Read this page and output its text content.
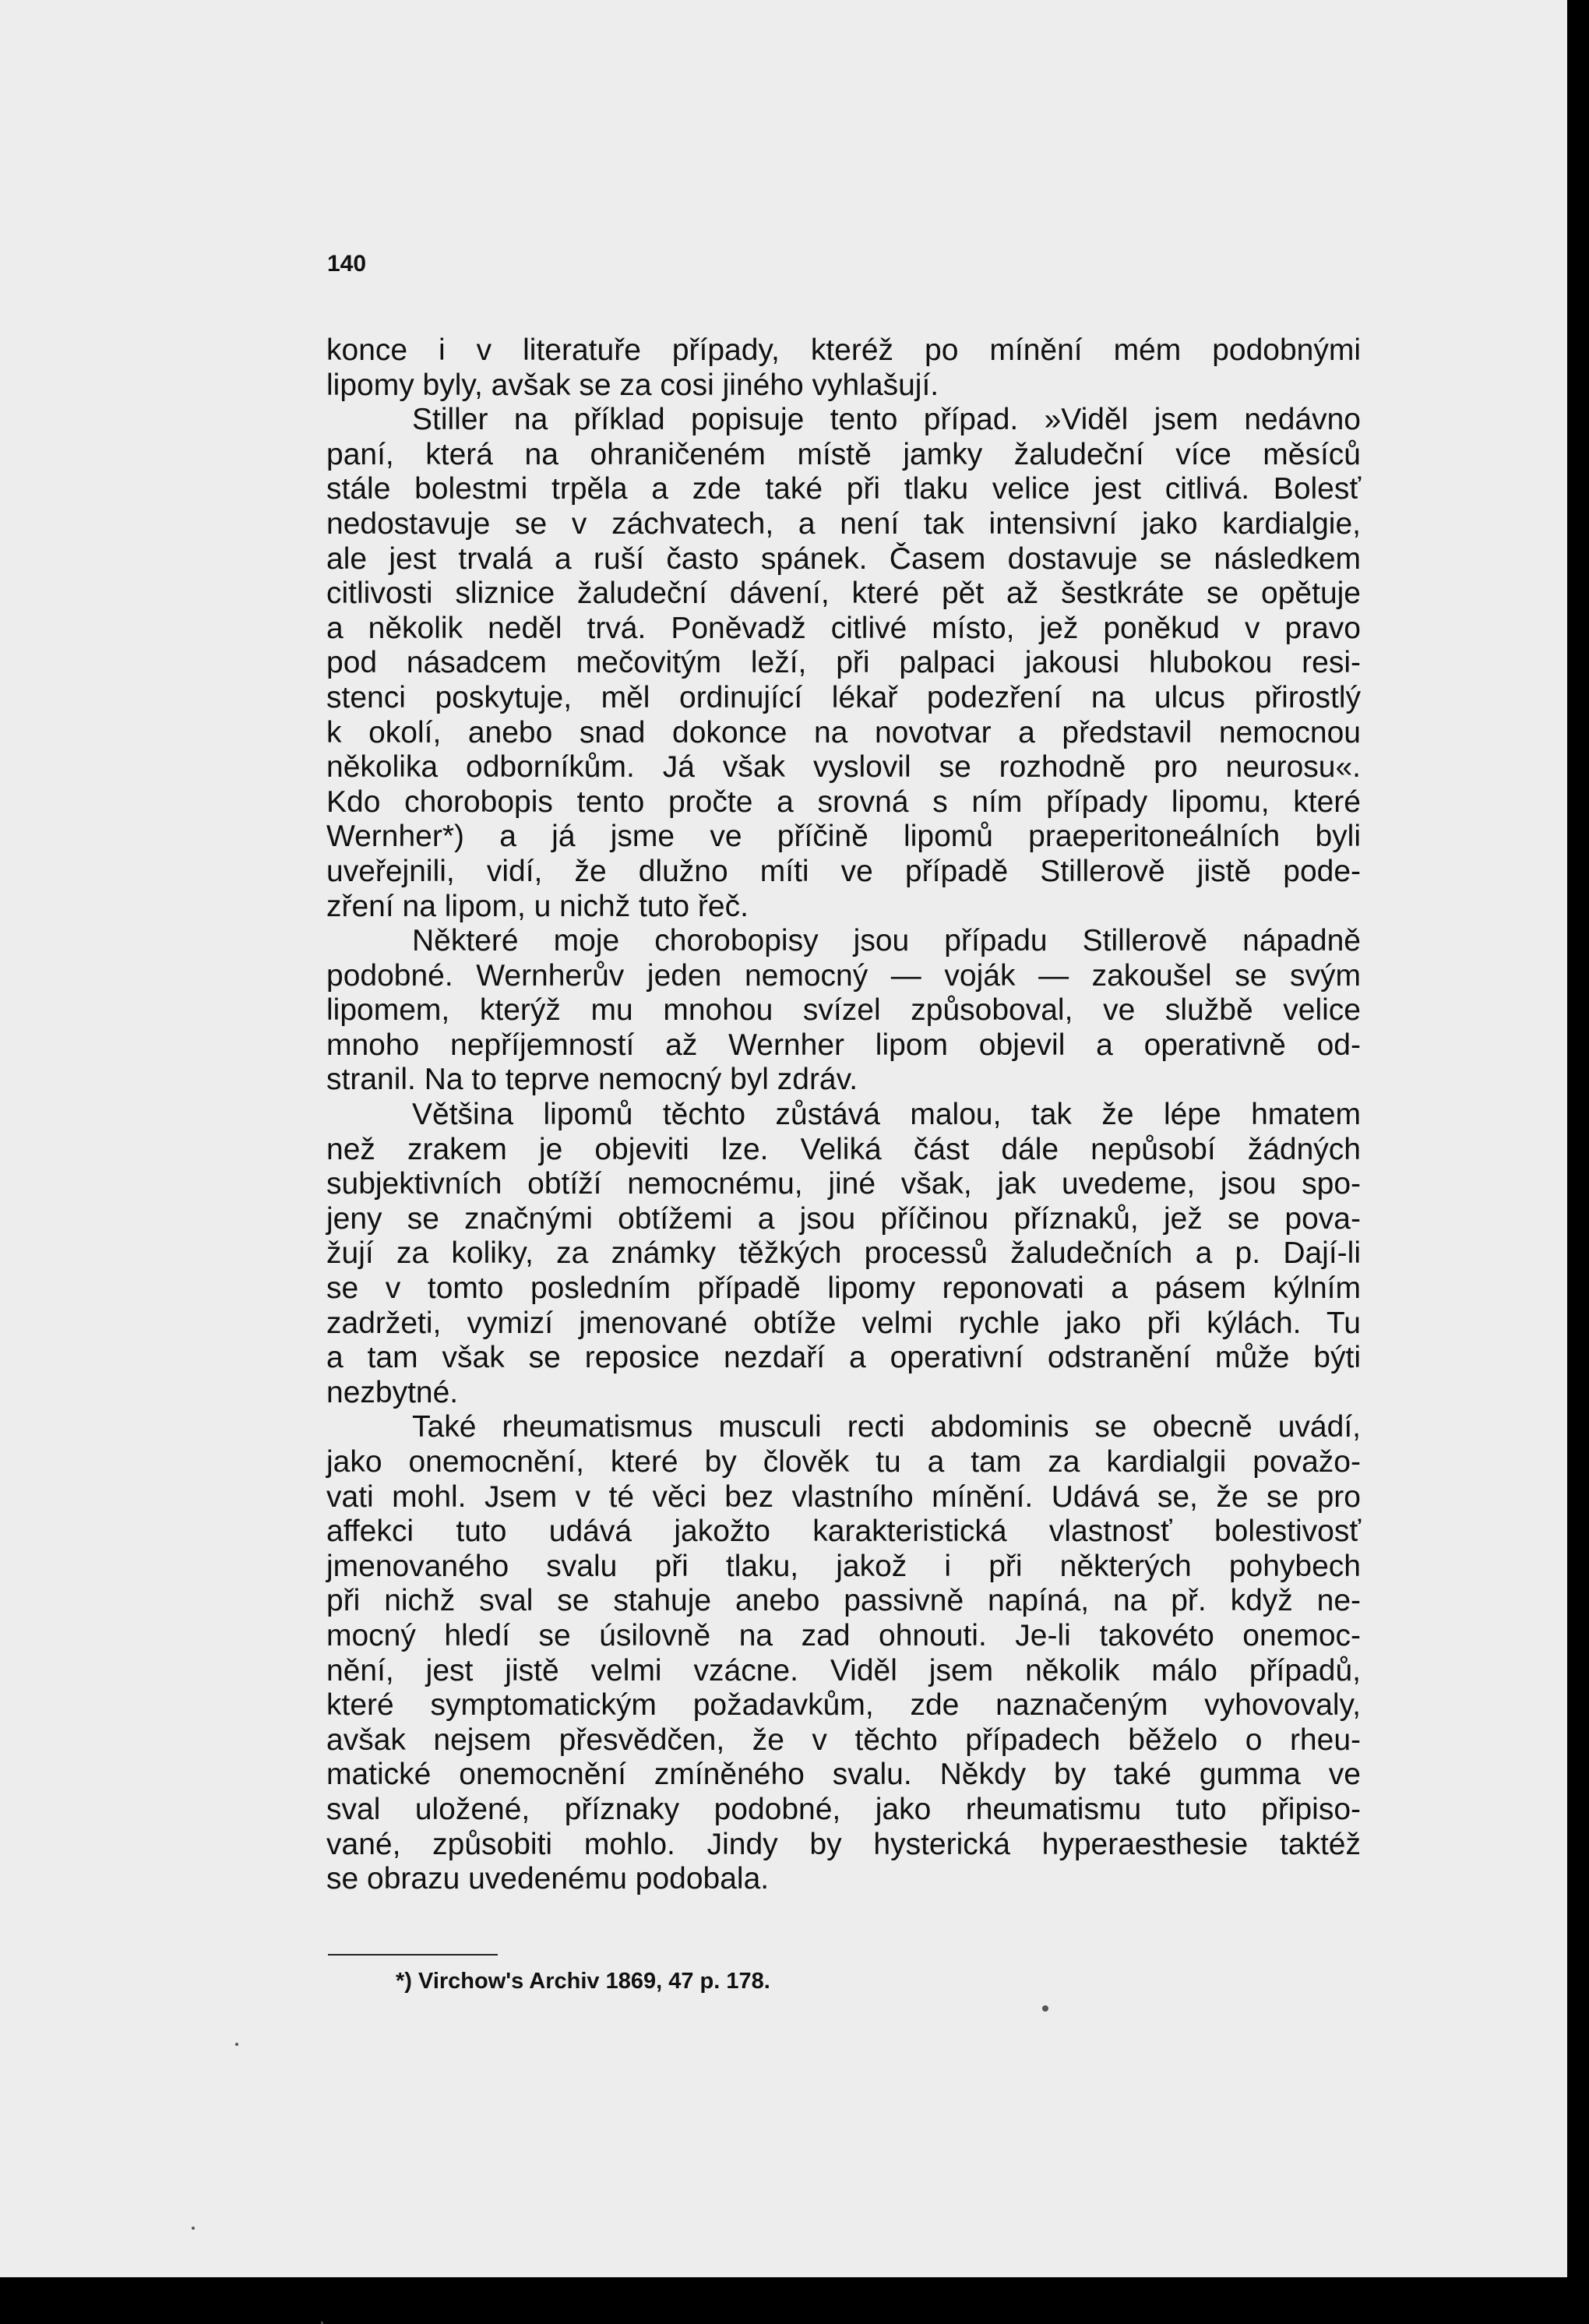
140
konce i v literatuře případy, kteréž po mínění mém podobnými
lipomy byly, avšak se za cosi jiného vyhlašují.
Stiller na příklad popisuje tento případ. »Viděl jsem nedávno
paní, která na ohraničeném místě jamky žaludeční více měsíců
stále bolestmi trpěla a zde také při tlaku velice jest citlivá. Bolesť
nedostavuje se v záchvatech, a není tak intensivní jako kardialgie,
ale jest trvalá a ruší často spánek. Časem dostavuje se následkem
citlivosti sliznice žaludeční dávení, které pět až šestkráte se opětuje
a několik neděl trvá. Poněvadž citlivé místo, jež poněkud v pravo
pod násadcem mečovitým leží, při palpaci jakousi hlubokou resi-
stenci poskytuje, měl ordinující lékař podezření na ulcus přirostlý
k okolí, anebo snad dokonce na novotvar a představil nemocnou
několika odborníkům. Já však vyslovil se rozhodně pro neurosu«.
Kdo chorobopis tento pročte a srovná s ním případy lipomu, které
Wernher*) a já jsme ve příčině lipomů praeperitoneálních byli
uveřejnili, vidí, že dlužno míti ve případě Stillerově jistě pode-
zření na lipom, u nichž tuto řeč.
Některé moje chorobopisy jsou případu Stillerově nápadně
podobné. Wernherův jeden nemocný — voják — zakoušel se svým
lipomem, kterýž mu mnohou svízel způsoboval, ve službě velice
mnoho nepříjemností až Wernher lipom objevil a operativně od-
stranil. Na to teprve nemocný byl zdráv.
Většina lipomů těchto zůstává malou, tak že lépe hmatem
než zrakem je objeviti lze. Veliká část dále nepůsobí žádných
subjektivních obtíží nemocnému, jiné však, jak uvedeme, jsou spo-
jeny se značnými obtížemi a jsou příčinou příznaků, jež se pova-
žují za koliky, za známky těžkých processů žaludečních a p. Dají-li
se v tomto posledním případě lipomy reponovati a pásem kýlním
zadržeti, vymizí jmenované obtíže velmi rychle jako při kýlách. Tu
a tam však se reposice nezdaří a operativní odstranění může býti
nezbytné.
Také rheumatismus musculi recti abdominis se obecně uvádí,
jako onemocnění, které by člověk tu a tam za kardialgii považo-
vati mohl. Jsem v té věci bez vlastního mínění. Udává se, že se pro
affekci tuto udává jakožto karakteristická vlastnosť bolestivosť
jmenovaného svalu při tlaku, jakož i při některých pohybech
při nichž sval se stahuje anebo passivně napíná, na př. když ne-
mocný hledí se úsilovně na zad ohnouti. Je-li takovéto onemoc-
nění, jest jistě velmi vzácne. Viděl jsem několik málo případů,
které symptomatickým požadavkům, zde naznačeným vyhovovaly,
avšak nejsem přesvědčen, že v těchto případech běželo o rheu-
matické onemocnění zmíněného svalu. Někdy by také gumma ve
sval uložené, příznaky podobné, jako rheumatismu tuto připiso-
vané, způsobiti mohlo. Jindy by hysterická hyperaesthesie taktéž
se obrazu uvedenému podobala.
*) Virchow's Archiv 1869, 47 p. 178.
